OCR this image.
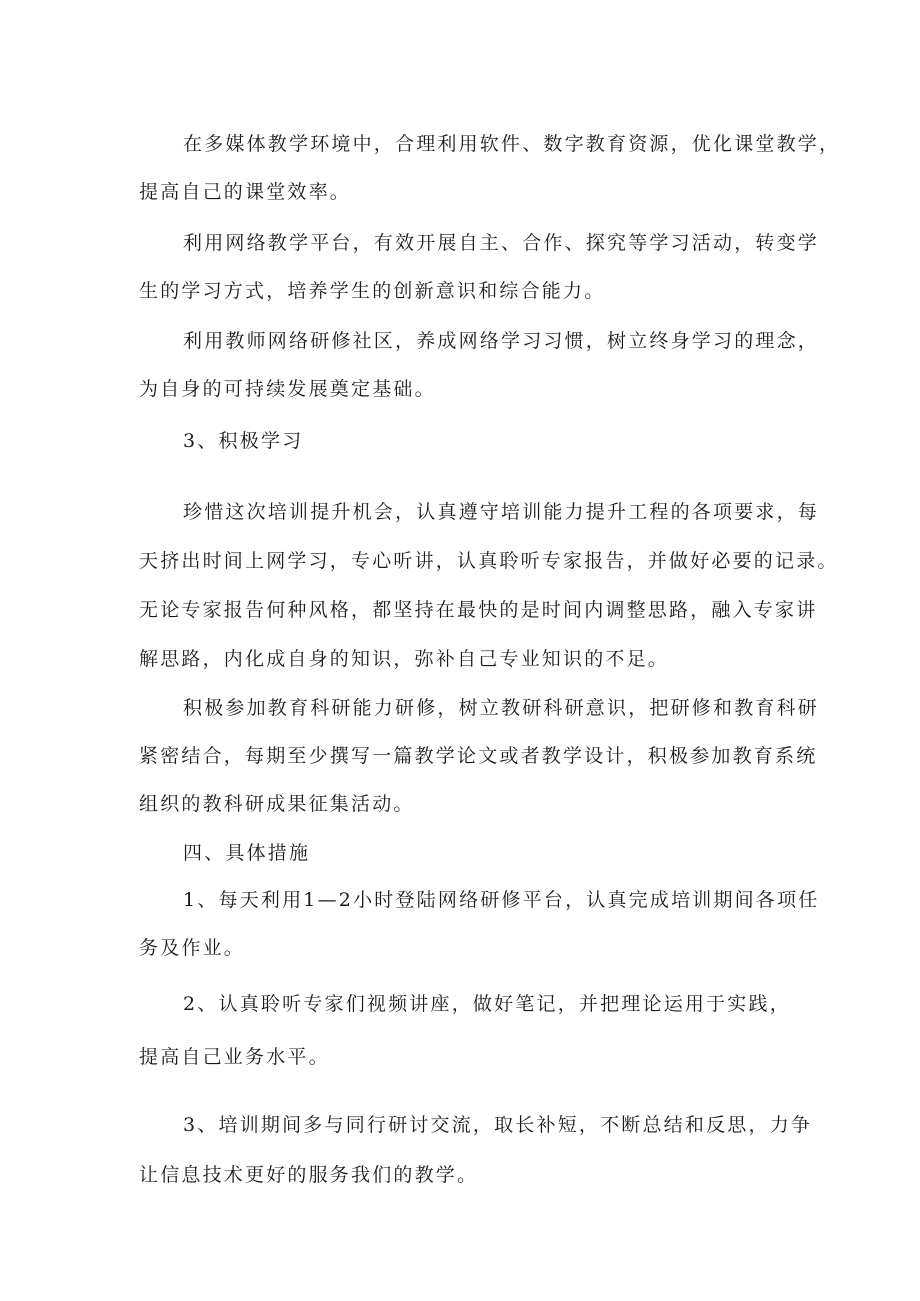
在多媒体教学环境中，合理利用软件、数字教育资源，优化课堂教学，
提高自己的课堂效率。
利用网络教学平台，有效开展自主、合作、探究等学习活动，转变学
生的学习方式，培养学生的创新意识和综合能力。
利用教师网络研修社区，养成网络学习习惯，树立终身学习的理念，
为自身的可持续发展奠定基础。
3、积极学习
珍惜这次培训提升机会，认真遵守培训能力提升工程的各项要求，每
天挤出时间上网学习，专心听讲，认真聆听专家报告，并做好必要的记录。
无论专家报告何种风格，都坚持在最快的是时间内调整思路，融入专家讲
解思路，内化成自身的知识，弥补自己专业知识的不足。
积极参加教育科研能力研修，树立教研科研意识，把研修和教育科研
紧密结合，每期至少撰写一篇教学论文或者教学设计，积极参加教育系统
组织的教科研成果征集活动。
四、具体措施
1、每天利用1—2小时登陆网络研修平台，认真完成培训期间各项任
务及作业。
2、认真聆听专家们视频讲座，做好笔记，并把理论运用于实践，
提高自己业务水平。
3、培训期间多与同行研讨交流，取长补短，不断总结和反思，力争
让信息技术更好的服务我们的教学。
